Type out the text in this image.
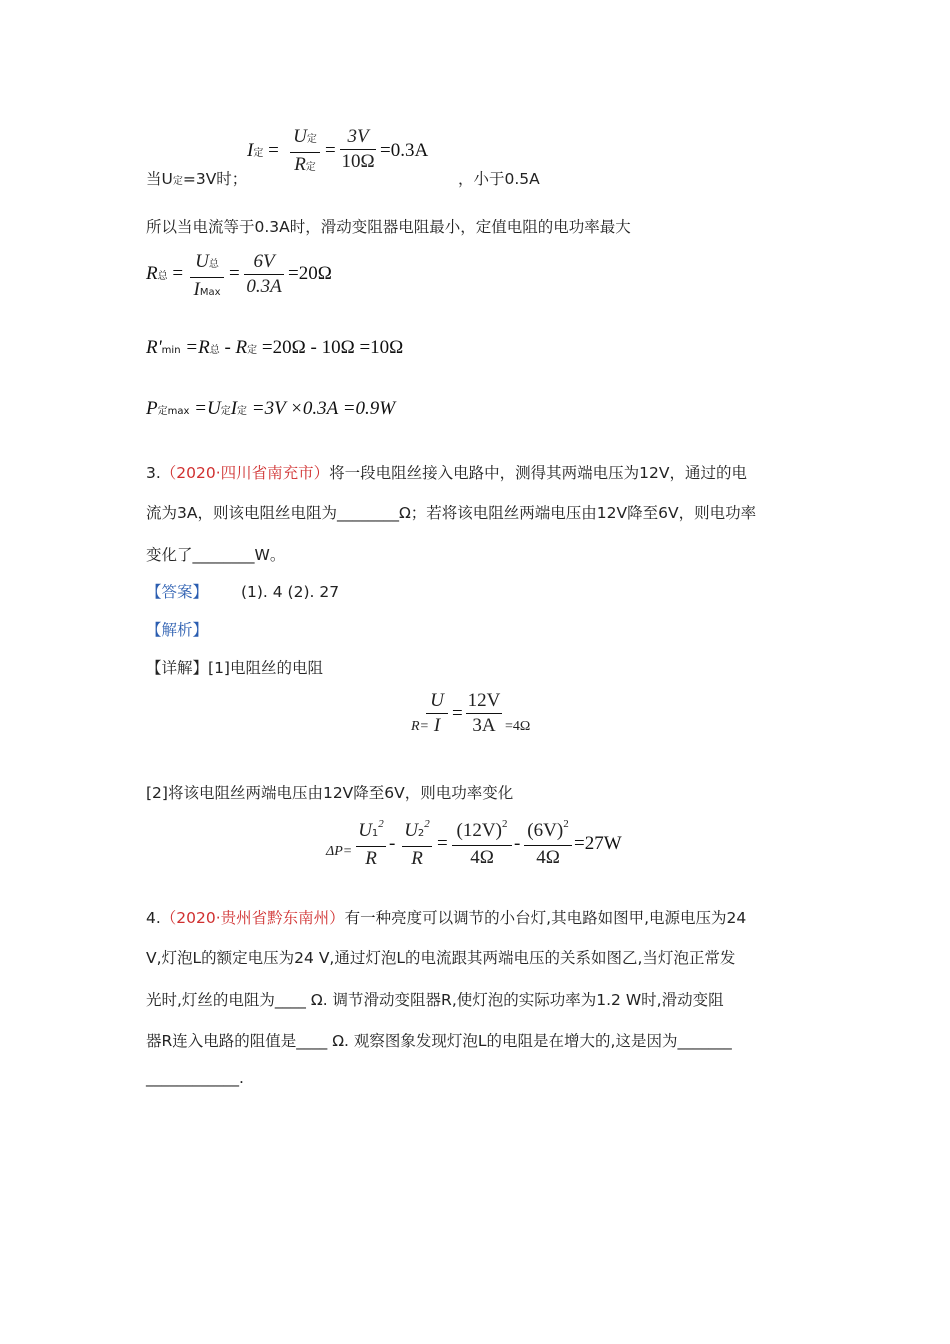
当U定=3V时；
I定 =
U定
R定
=
3V
10Ω
=0.3A
，小于0.5A
所以当电流等于0.3A时，滑动变阻器电阻最小，定值电阻的电功率最大
R总 =
U总
IMax
=
6V
0.3A
=20Ω
R'min =R总 - R定 =20Ω - 10Ω =10Ω
P定max =U定I定 =3V ×0.3A =0.9W
3.（2020·四川省南充市）将一段电阻丝接入电路中，测得其两端电压为12V，通过的电
流为3A，则该电阻丝电阻为________Ω；若将该电阻丝两端电压由12V降至6V，则电功率
变化了________W。
【答案】 (1). 4 (2). 27
【解析】
【详解】[1]电阻丝的电阻
R=
U
I
=
12V
3A =4Ω
[2]将该电阻丝两端电压由12V降至6V，则电功率变化
ΔP=
$U1^2$
R
-
$U2^2$
R
=
$(12V)^2$
4Ω
-
$(6V)^2$
4Ω
=27W
4.（2020·贵州省黔东南州）有一种亮度可以调节的小台灯,其电路如图甲,电源电压为24
V,灯泡L的额定电压为24 V,通过灯泡L的电流跟其两端电压的关系如图乙,当灯泡正常发
光时,灯丝的电阻为____ Ω. 调节滑动变阻器R,使灯泡的实际功率为1.2 W时,滑动变阻
器R连入电路的阻值是____ Ω. 观察图象发现灯泡L的电阻是在增大的,这是因为_______
____________.
